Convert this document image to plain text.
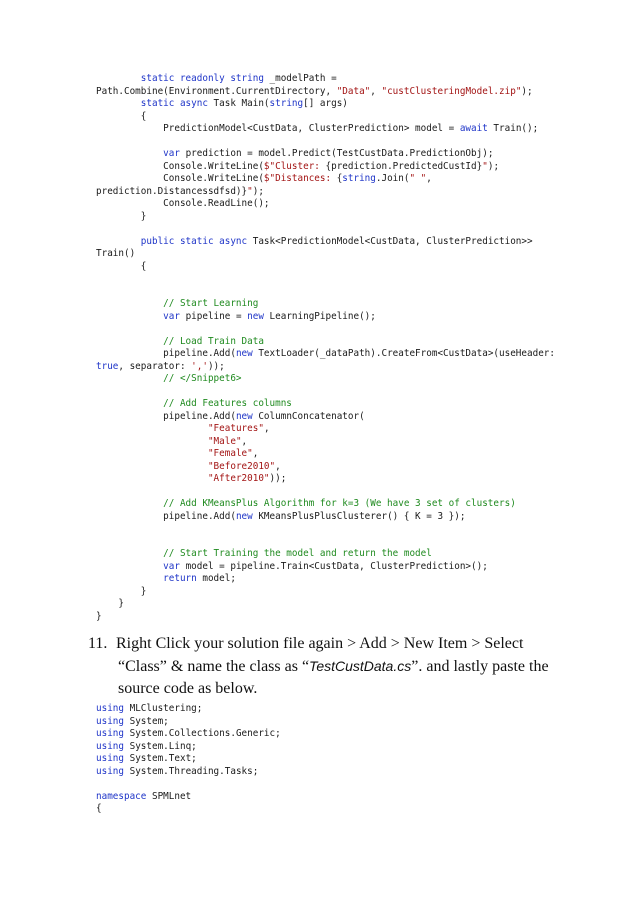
static readonly string _modelPath =
Path.Combine(Environment.CurrentDirectory, "Data", "custClusteringModel.zip");
static async Task Main(string[] args)
{
PredictionModel<CustData, ClusterPrediction> model = await Train();
var prediction = model.Predict(TestCustData.PredictionObj);
Console.WriteLine($"Cluster: {prediction.PredictedCustId}");
Console.WriteLine($"Distances: {string.Join(" ",
prediction.Distancessdfsd)}");
Console.ReadLine();
}
public static async Task<PredictionModel<CustData, ClusterPrediction>>
Train()
{
// Start Learning
var pipeline = new LearningPipeline();
// Load Train Data
pipeline.Add(new TextLoader(_dataPath).CreateFrom<CustData>(useHeader:
true, separator: ','));
// </Snippet6>
// Add Features columns
pipeline.Add(new ColumnConcatenator(
"Features",
"Male",
"Female",
"Before2010",
"After2010"));
// Add KMeansPlus Algorithm for k=3 (We have 3 set of clusters)
pipeline.Add(new KMeansPlusPlusClusterer() { K = 3 });
// Start Training the model and return the model
var model = pipeline.Train<CustData, ClusterPrediction>();
return model;
}
}
}
11. Right Click your solution file again > Add > New Item > Select “Class” & name the class as “TestCustData.cs”. and lastly paste the source code as below.
using MLClustering;
using System;
using System.Collections.Generic;
using System.Linq;
using System.Text;
using System.Threading.Tasks;
namespace SPMLnet
{
